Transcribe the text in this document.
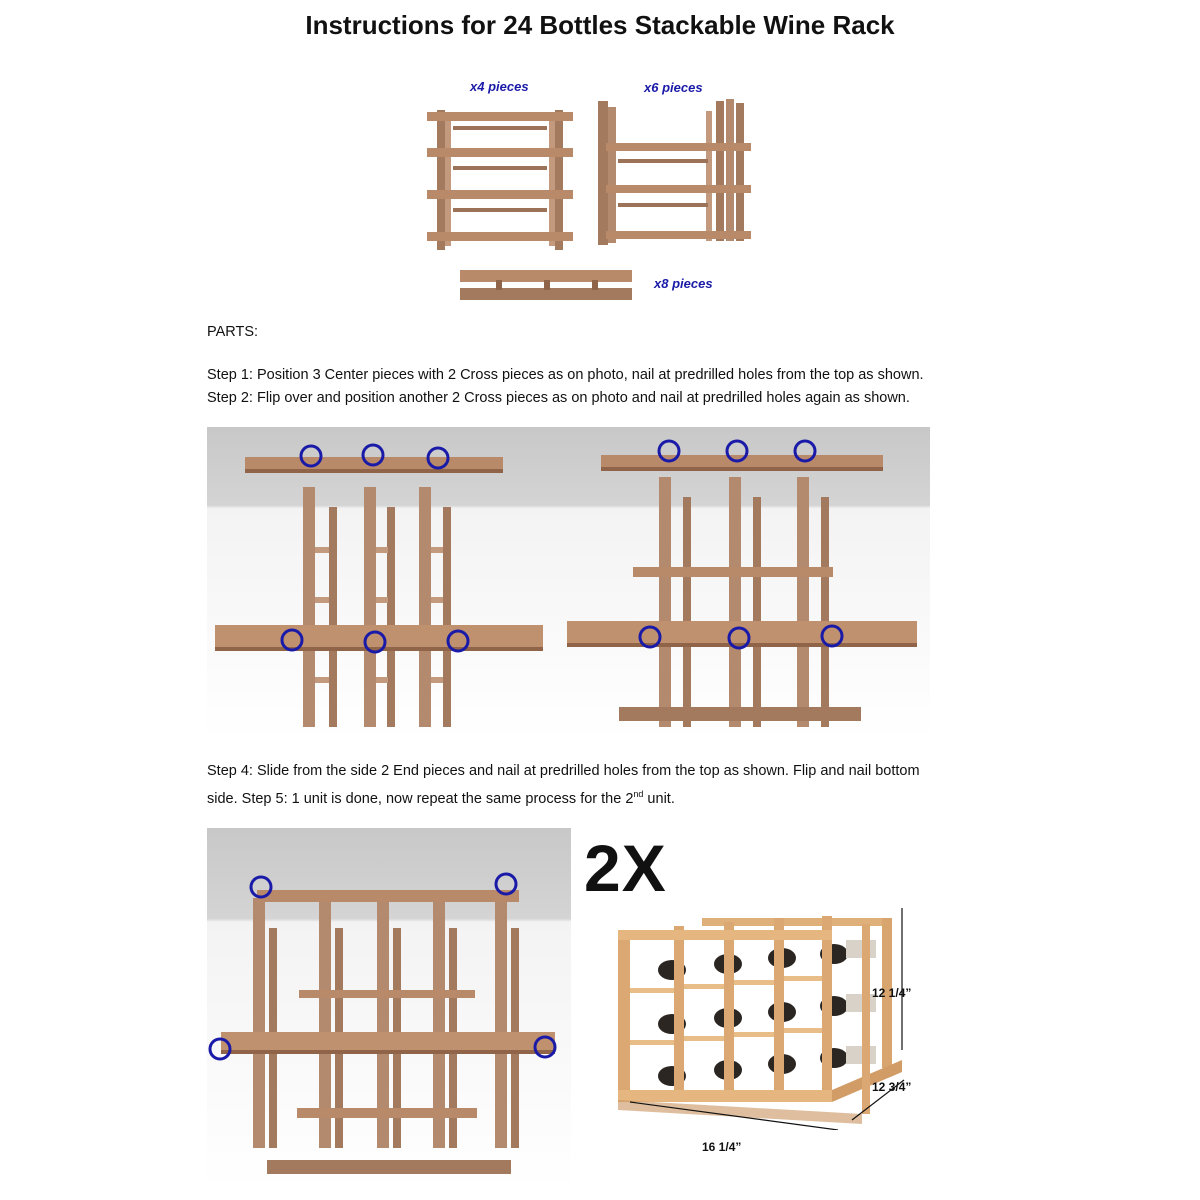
Instructions for 24 Bottles Stackable Wine Rack
x4 pieces	x6 pieces
x8 pieces
PARTS:
Step 1: Position 3 Center pieces with 2 Cross pieces as on photo, nail at predrilled holes from the top as shown.
Step 2: Flip over and position another 2 Cross pieces as on photo and nail at predrilled holes again as shown.
Step 4: Slide from the side 2 End pieces and nail at predrilled holes from the top as shown. Flip and nail bottom
side. Step 5: 1 unit is done, now repeat the same process for the 2nd unit.
2X
12 1/4”
12 3/4”
16 1/4”
